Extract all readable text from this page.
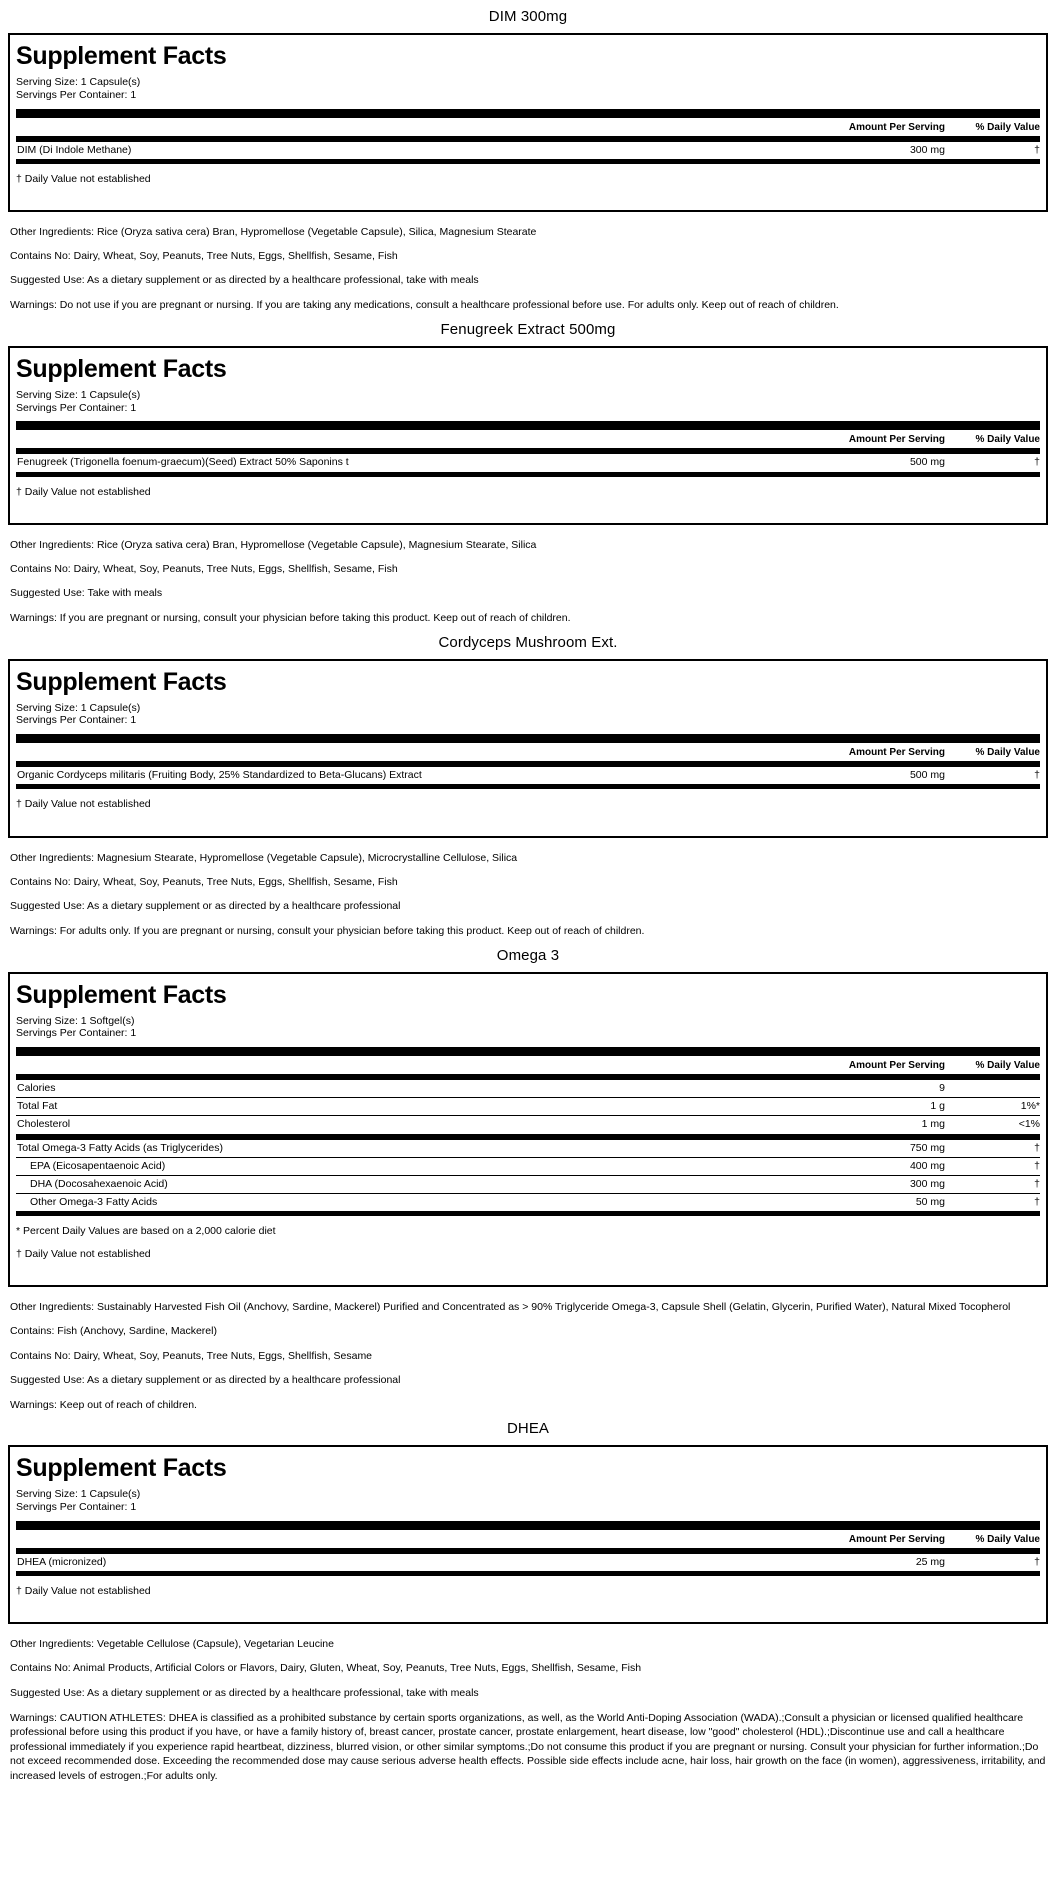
DIM 300mg
Supplement Facts
Serving Size: 1 Capsule(s)
Servings Per Container: 1
Amount Per Serving	% Daily Value
DIM (Di Indole Methane)	300 mg	†
† Daily Value not established
Other Ingredients: Rice (Oryza sativa cera) Bran, Hypromellose (Vegetable Capsule), Silica, Magnesium Stearate
Contains No: Dairy, Wheat, Soy, Peanuts, Tree Nuts, Eggs, Shellfish, Sesame, Fish
Suggested Use: As a dietary supplement or as directed by a healthcare professional, take with meals
Warnings: Do not use if you are pregnant or nursing. If you are taking any medications, consult a healthcare professional before use. For adults only. Keep out of reach of children.
Fenugreek Extract 500mg
Supplement Facts
Serving Size: 1 Capsule(s)
Servings Per Container: 1
Amount Per Serving	% Daily Value
Fenugreek (Trigonella foenum-graecum)(Seed) Extract 50% Saponins t	500 mg	†
† Daily Value not established
Other Ingredients: Rice (Oryza sativa cera) Bran, Hypromellose (Vegetable Capsule), Magnesium Stearate, Silica
Contains No: Dairy, Wheat, Soy, Peanuts, Tree Nuts, Eggs, Shellfish, Sesame, Fish
Suggested Use: Take with meals
Warnings: If you are pregnant or nursing, consult your physician before taking this product. Keep out of reach of children.
Cordyceps Mushroom Ext.
Supplement Facts
Serving Size: 1 Capsule(s)
Servings Per Container: 1
Amount Per Serving	% Daily Value
Organic Cordyceps militaris (Fruiting Body, 25% Standardized to Beta-Glucans) Extract	500 mg	†
† Daily Value not established
Other Ingredients: Magnesium Stearate, Hypromellose (Vegetable Capsule), Microcrystalline Cellulose, Silica
Contains No: Dairy, Wheat, Soy, Peanuts, Tree Nuts, Eggs, Shellfish, Sesame, Fish
Suggested Use: As a dietary supplement or as directed by a healthcare professional
Warnings: For adults only. If you are pregnant or nursing, consult your physician before taking this product. Keep out of reach of children.
Omega 3
Supplement Facts
Serving Size: 1 Softgel(s)
Servings Per Container: 1
Amount Per Serving	% Daily Value
Calories	9
Total Fat	1 g	1%*
Cholesterol	1 mg	<1%
Total Omega-3 Fatty Acids (as Triglycerides)	750 mg	†
EPA (Eicosapentaenoic Acid)	400 mg	†
DHA (Docosahexaenoic Acid)	300 mg	†
Other Omega-3 Fatty Acids	50 mg	†
* Percent Daily Values are based on a 2,000 calorie diet
† Daily Value not established
Other Ingredients: Sustainably Harvested Fish Oil (Anchovy, Sardine, Mackerel) Purified and Concentrated as > 90% Triglyceride Omega-3, Capsule Shell (Gelatin, Glycerin, Purified Water), Natural Mixed Tocopherol
Contains: Fish (Anchovy, Sardine, Mackerel)
Contains No: Dairy, Wheat, Soy, Peanuts, Tree Nuts, Eggs, Shellfish, Sesame
Suggested Use: As a dietary supplement or as directed by a healthcare professional
Warnings: Keep out of reach of children.
DHEA
Supplement Facts
Serving Size: 1 Capsule(s)
Servings Per Container: 1
Amount Per Serving	% Daily Value
DHEA (micronized)	25 mg	†
† Daily Value not established
Other Ingredients: Vegetable Cellulose (Capsule), Vegetarian Leucine
Contains No: Animal Products, Artificial Colors or Flavors, Dairy, Gluten, Wheat, Soy, Peanuts, Tree Nuts, Eggs, Shellfish, Sesame, Fish
Suggested Use: As a dietary supplement or as directed by a healthcare professional, take with meals
Warnings: CAUTION ATHLETES: DHEA is classified as a prohibited substance by certain sports organizations, as well, as the World Anti-Doping Association (WADA).;Consult a physician or licensed qualified healthcare professional before using this product if you have, or have a family history of, breast cancer, prostate cancer, prostate enlargement, heart disease, low "good" cholesterol (HDL).;Discontinue use and call a healthcare professional immediately if you experience rapid heartbeat, dizziness, blurred vision, or other similar symptoms.;Do not consume this product if you are pregnant or nursing. Consult your physician for further information.;Do not exceed recommended dose. Exceeding the recommended dose may cause serious adverse health effects. Possible side effects include acne, hair loss, hair growth on the face (in women), aggressiveness, irritability, and increased levels of estrogen.;For adults only.
